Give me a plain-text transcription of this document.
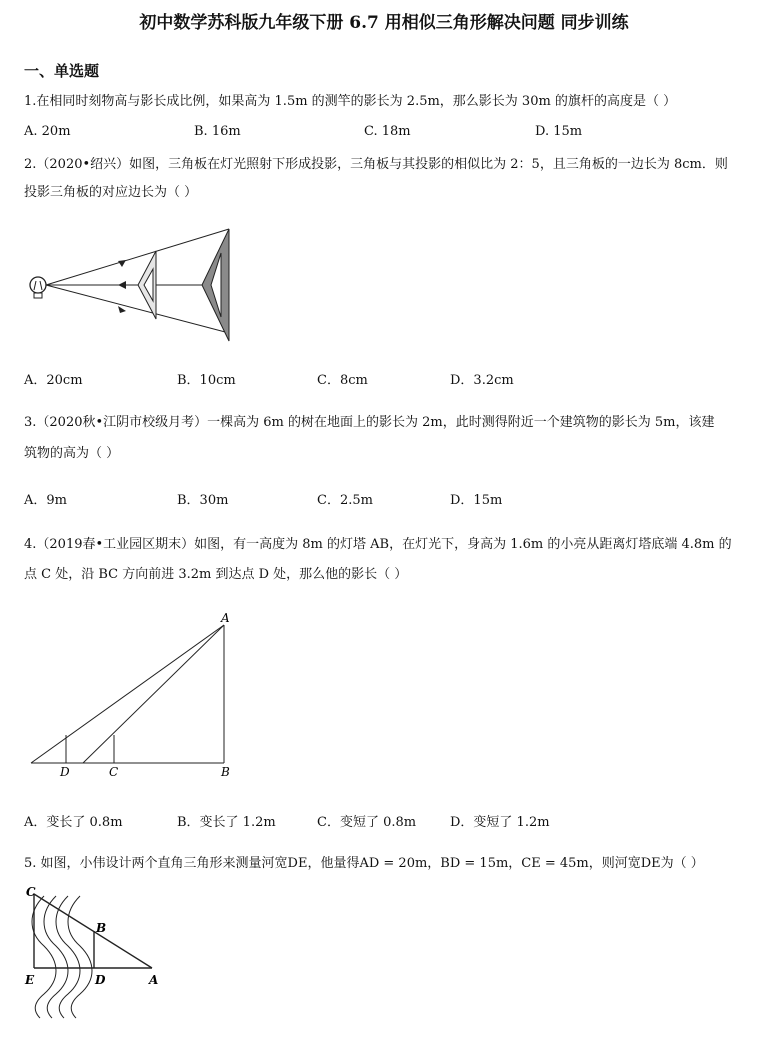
初中数学苏科版九年级下册 6.7 用相似三角形解决问题 同步训练
一、单选题
1.在相同时刻物高与影长成比例，如果高为 1.5m 的测竿的影长为 2.5m，那么影长为 30m 的旗杆的高度是（ ）
A. 20m	B. 16m	C. 18m	D. 15m
2.（2020•绍兴）如图，三角板在灯光照射下形成投影，三角板与其投影的相似比为 2：5，且三角板的一边长为 8cm．则
投影三角板的对应边长为（ ）
A．20cm	B．10cm	C．8cm	D．3.2cm
3.（2020秋•江阴市校级月考）一棵高为 6m 的树在地面上的影长为 2m，此时测得附近一个建筑物的影长为 5m，该建
筑物的高为（ ）
A．9m	B．30m	C．2.5m	D．15m
4.（2019春•工业园区期末）如图，有一高度为 8m 的灯塔 AB，在灯光下，身高为 1.6m 的小亮从距离灯塔底端 4.8m 的
点 C 处，沿 BC 方向前进 3.2m 到达点 D 处，那么他的影长（ ）
A
B
C
D
A．变长了 0.8m	B．变长了 1.2m	C．变短了 0.8m	D．变短了 1.2m
5. 如图，小伟设计两个直角三角形来测量河宽DE，他量得AD = 20m，BD = 15m，CE = 45m，则河宽DE为（ ）
C
B
E	D	A
